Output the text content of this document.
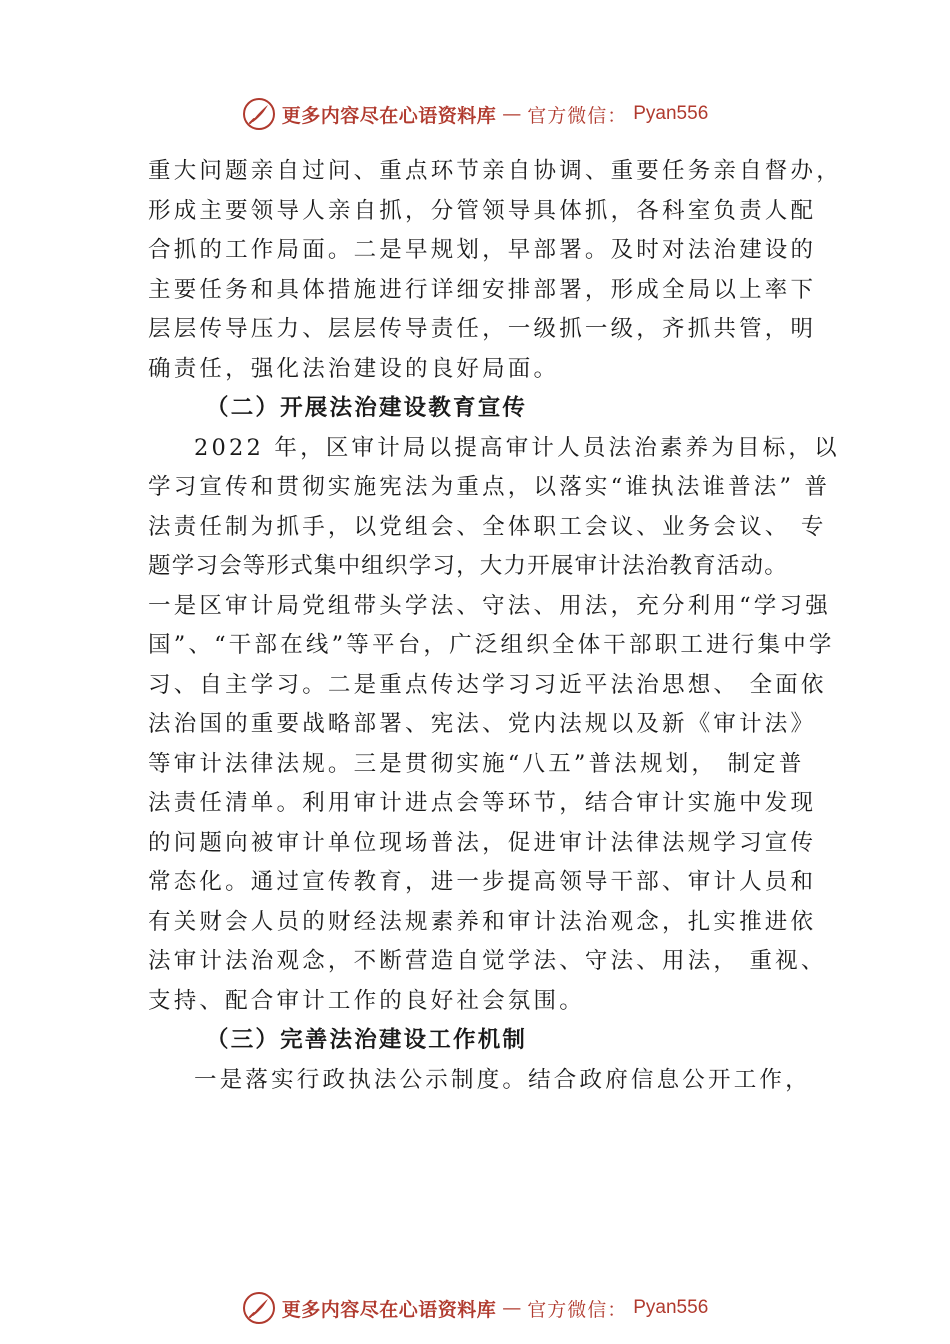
更多内容尽在心语资料库 — 官方微信： Pyan556
重大问题亲自过问、重点环节亲自协调、重要任务亲自督办，
形成主要领导人亲自抓，分管领导具体抓，各科室负责人配
合抓的工作局面。二是早规划，早部署。及时对法治建设的
主要任务和具体措施进行详细安排部署，形成全局以上率下
层层传导压力、层层传导责任，一级抓一级，齐抓共管，明
确责任，强化法治建设的良好局面。
（二）开展法治建设教育宣传
2022 年，区审计局以提高审计人员法治素养为目标，以
学习宣传和贯彻实施宪法为重点，以落实“谁执法谁普法” 普
法责任制为抓手，以党组会、全体职工会议、业务会议、 专
题学习会等形式集中组织学习，大力开展审计法治教育活动。
一是区审计局党组带头学法、守法、用法，充分利用“学习强
国”、“干部在线”等平台，广泛组织全体干部职工进行集中学
习、自主学习。二是重点传达学习习近平法治思想、 全面依
法治国的重要战略部署、宪法、党内法规以及新《审计法》
等审计法律法规。三是贯彻实施“八五”普法规划， 制定普
法责任清单。利用审计进点会等环节，结合审计实施中发现
的问题向被审计单位现场普法，促进审计法律法规学习宣传
常态化。通过宣传教育，进一步提高领导干部、审计人员和
有关财会人员的财经法规素养和审计法治观念，扎实推进依
法审计法治观念，不断营造自觉学法、守法、用法， 重视、
支持、配合审计工作的良好社会氛围。
（三）完善法治建设工作机制
一是落实行政执法公示制度。结合政府信息公开工作，
更多内容尽在心语资料库 — 官方微信： Pyan556
